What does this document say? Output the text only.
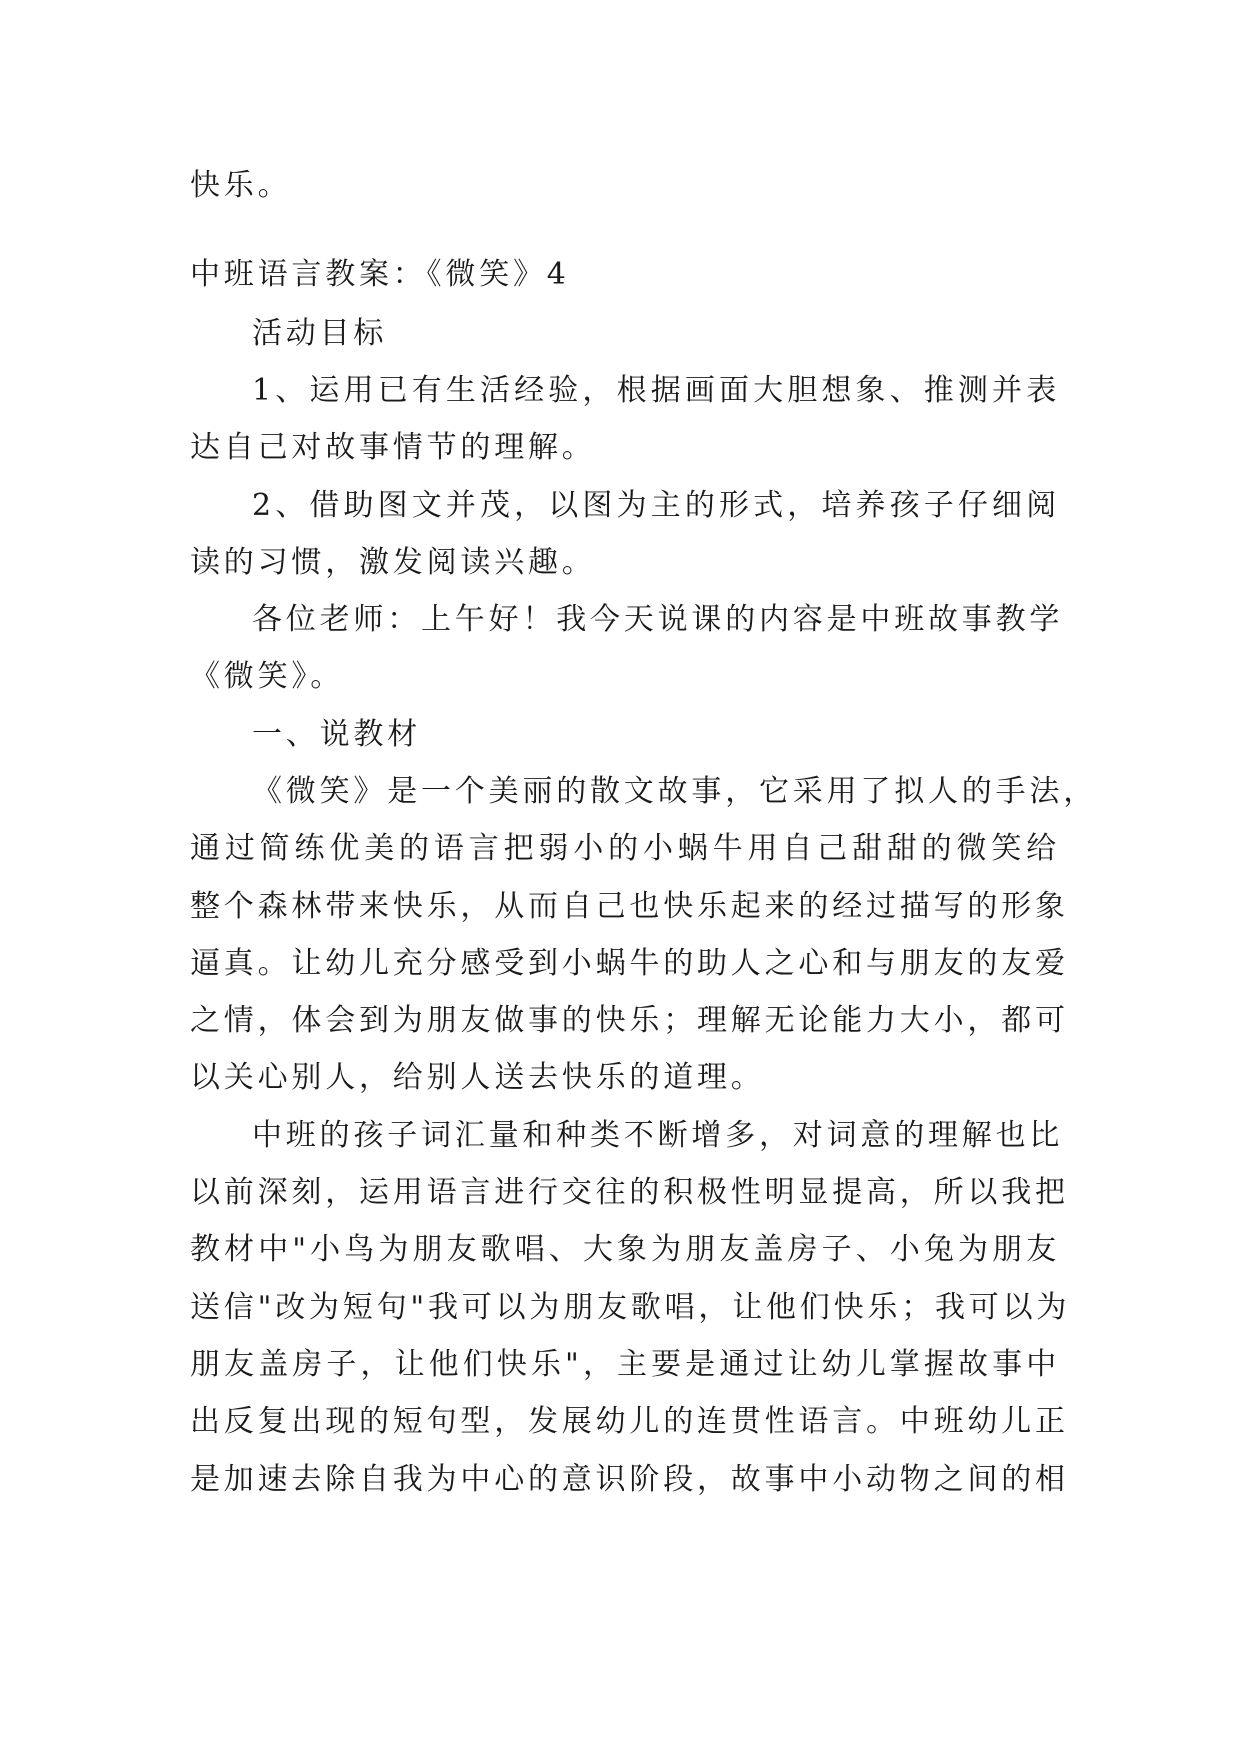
快乐。
中班语言教案：《微笑》4
活动目标
1、运用已有生活经验，根据画面大胆想象、推测并表
达自己对故事情节的理解。
2、借助图文并茂，以图为主的形式，培养孩子仔细阅
读的习惯，激发阅读兴趣。
各位老师：上午好！我今天说课的内容是中班故事教学
《微笑》。
一、说教材
《微笑》是一个美丽的散文故事，它采用了拟人的手法，
通过简练优美的语言把弱小的小蜗牛用自己甜甜的微笑给
整个森林带来快乐，从而自己也快乐起来的经过描写的形象
逼真。让幼儿充分感受到小蜗牛的助人之心和与朋友的友爱
之情，体会到为朋友做事的快乐；理解无论能力大小，都可
以关心别人，给别人送去快乐的道理。
中班的孩子词汇量和种类不断增多，对词意的理解也比
以前深刻，运用语言进行交往的积极性明显提高，所以我把
教材中"小鸟为朋友歌唱、大象为朋友盖房子、小兔为朋友
送信"改为短句"我可以为朋友歌唱，让他们快乐；我可以为
朋友盖房子，让他们快乐"，主要是通过让幼儿掌握故事中
出反复出现的短句型，发展幼儿的连贯性语言。中班幼儿正
是加速去除自我为中心的意识阶段，故事中小动物之间的相
